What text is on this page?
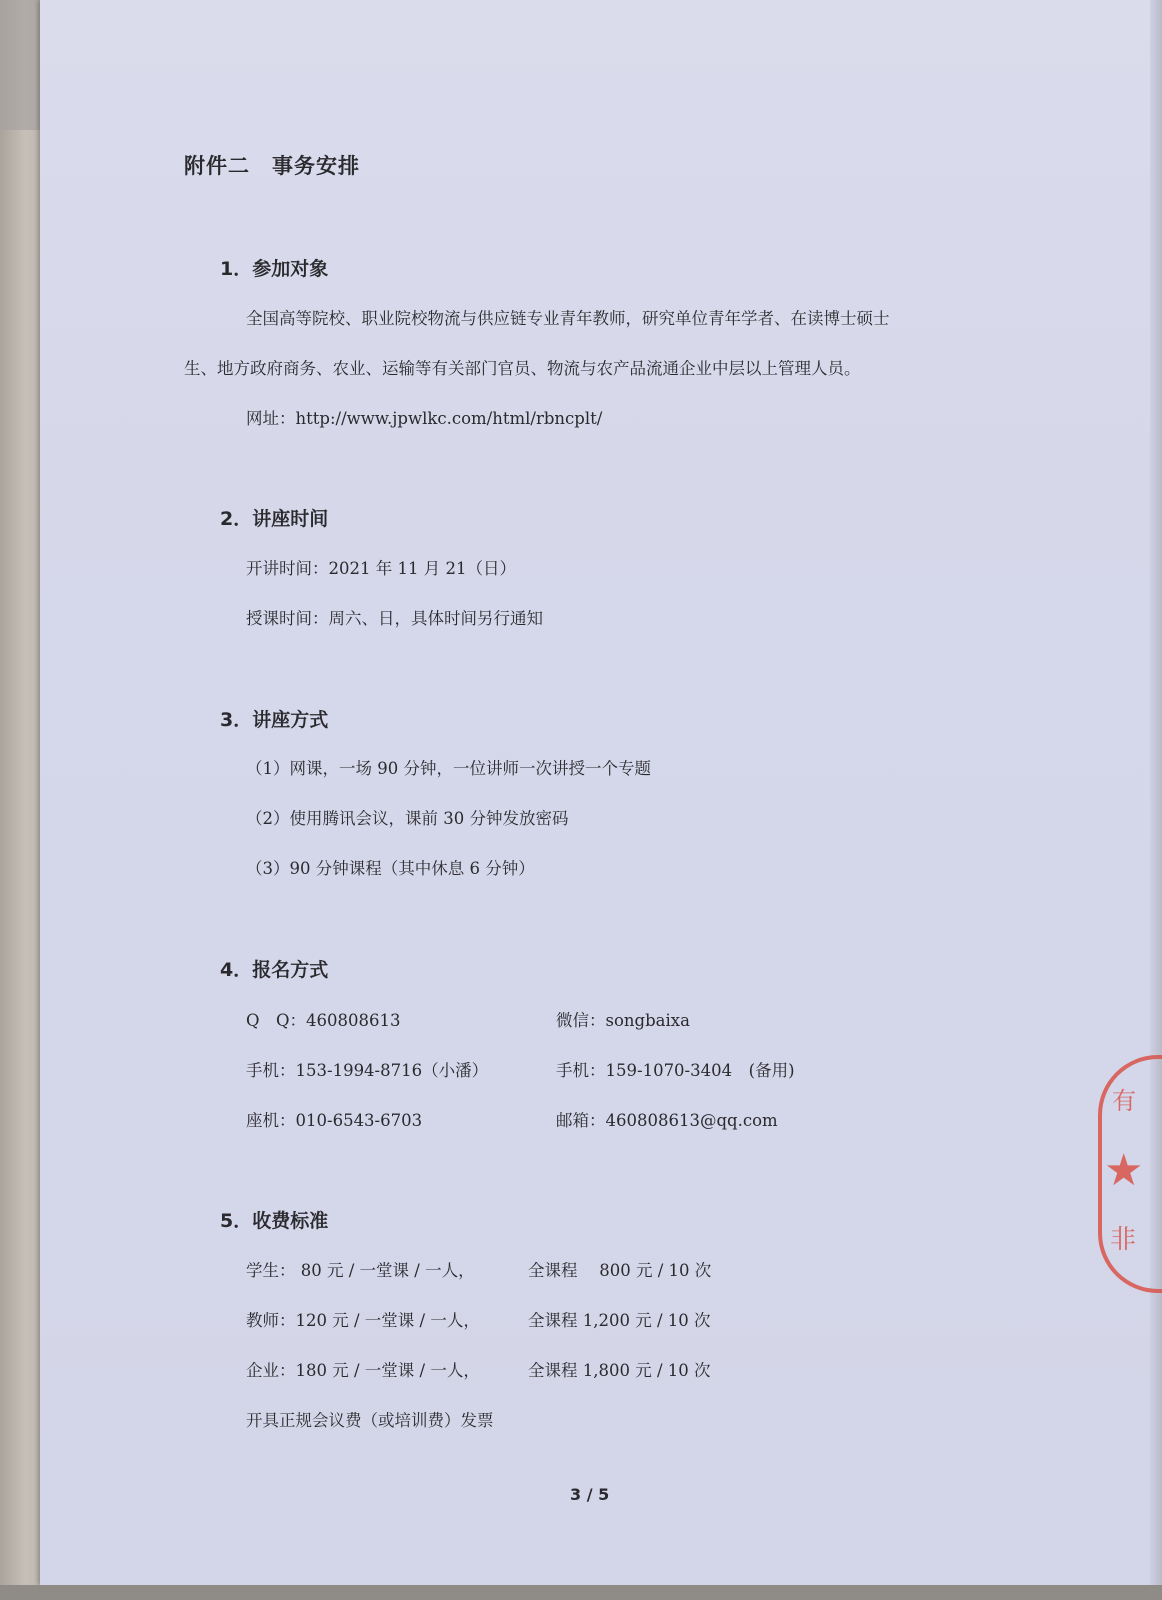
附件二　事务安排
1．参加对象
全国高等院校、职业院校物流与供应链专业青年教师，研究单位青年学者、在读博士硕士
生、地方政府商务、农业、运输等有关部门官员、物流与农产品流通企业中层以上管理人员。
网址：http://www.jpwlkc.com/html/rbncplt/
2．讲座时间
开讲时间：2021 年 11 月 21（日）
授课时间：周六、日，具体时间另行通知
3．讲座方式
（1）网课，一场 90 分钟，一位讲师一次讲授一个专题
（2）使用腾讯会议，课前 30 分钟发放密码
（3）90 分钟课程（其中休息 6 分钟）
4．报名方式
Q　Q：460808613	微信：songbaixa
手机：153-1994-8716（小潘）	手机：159-1070-3404　(备用)
座机：010-6543-6703	邮箱：460808613@qq.com
5．收费标准
学生： 80 元 / 一堂课 / 一人，	全课程　 800 元 / 10 次
教师：120 元 / 一堂课 / 一人，	全课程 1,200 元 / 10 次
企业：180 元 / 一堂课 / 一人，	全课程 1,800 元 / 10 次
开具正规会议费（或培训费）发票
有
★
非
3 / 5
